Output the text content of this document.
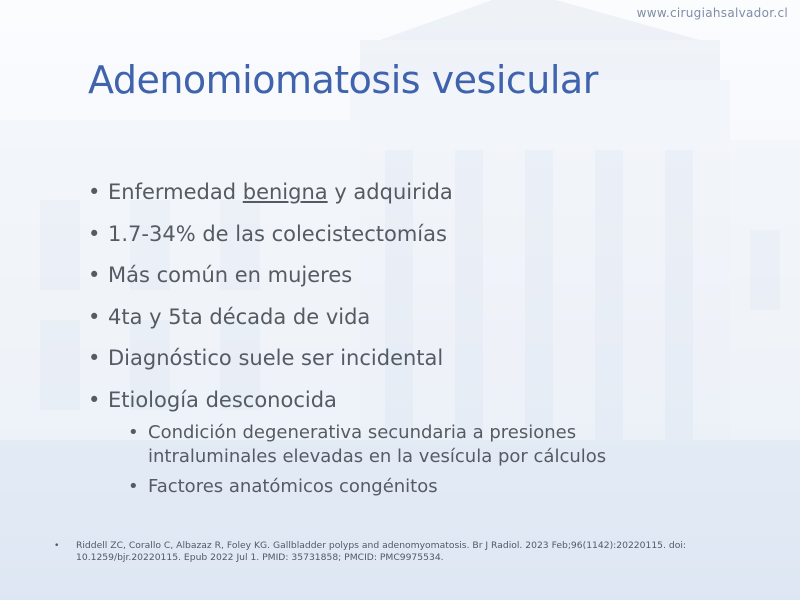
www.cirugiahsalvador.cl
Adenomiomatosis vesicular
• Enfermedad benigna y adquirida
• 1.7-34% de las colecistectomías
• Más común en mujeres
• 4ta y 5ta década de vida
• Diagnóstico suele ser incidental
• Etiología desconocida
• Condición degenerativa secundaria a presiones intraluminales elevadas en la vesícula por cálculos
• Factores anatómicos congénitos
• Riddell ZC, Corallo C, Albazaz R, Foley KG. Gallbladder polyps and adenomyomatosis. Br J Radiol. 2023 Feb;96(1142):20220115. doi: 10.1259/bjr.20220115. Epub 2022 Jul 1. PMID: 35731858; PMCID: PMC9975534.
